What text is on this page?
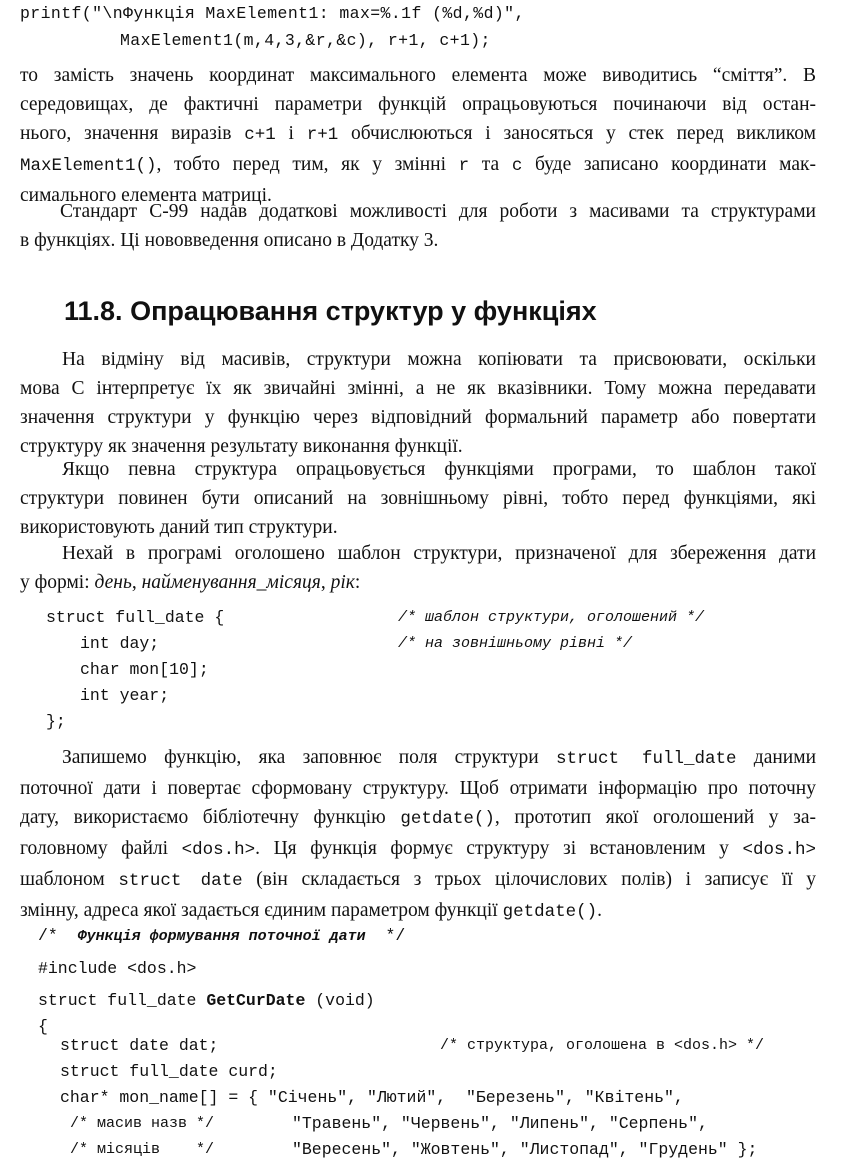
printf("\nФункція MaxElement1: max=%.1f (%d,%d)",
MaxElement1(m,4,3,&r,&c), r+1, c+1);
то замість значень координат максимального елемента може виводитись “сміття”. В
середовищах, де фактичні параметри функцій опрацьовуються починаючи від остан-
нього, значення виразів c+1 і r+1 обчислюються і заносяться у стек перед викликом
MaxElement1(), тобто перед тим, як у змінні r та c буде записано координати мак-
симального елемента матриці.
Стандарт С-99 надав додаткові можливості для роботи з масивами та структурами
в функціях. Ці нововведення описано в Додатку 3.
11.8. Опрацювання структур у функціях
На відміну від масивів, структури можна копіювати та присвоювати, оскільки
мова С інтерпретує їх як звичайні змінні, а не як вказівники. Тому можна передавати
значення структури у функцію через відповідний формальний параметр або повертати
структуру як значення результату виконання функції.
Якщо певна структура опрацьовується функціями програми, то шаблон такої
структури повинен бути описаний на зовнішньому рівні, тобто перед функціями, які
використовують даний тип структури.
Нехай в програмі оголошено шаблон структури, призначеної для збереження дати
у формі: день, найменування_місяця, рік:
struct full_date {	/* шаблон структури, оголошений */
int day;	/* на зовнішньому рівні */
char mon[10];
int year;
};
Запишемо функцію, яка заповнює поля структури struct full_date даними
поточної дати і повертає сформовану структуру. Щоб отримати інформацію про поточну
дату, використаємо бібліотечну функцію getdate(), прототип якої оголошений у за-
головному файлі <dos.h>. Ця функція формує структуру зі встановленим у <dos.h>
шаблоном struct date (він складається з трьох цілочислових полів) і записує її у
змінну, адреса якої задається єдиним параметром функції getdate().
/*  Функція формування поточної дати  */
#include <dos.h>
struct full_date GetCurDate (void)
{
struct date dat;	/* структура, оголошена в <dos.h> */
struct full_date curd;
char* mon_name[] = { "Січень", "Лютий",  "Березень", "Квітень",
/* масив назв */	"Травень", "Червень", "Липень", "Серпень",
/* місяців    */	"Вересень", "Жовтень", "Листопад", "Грудень" };
